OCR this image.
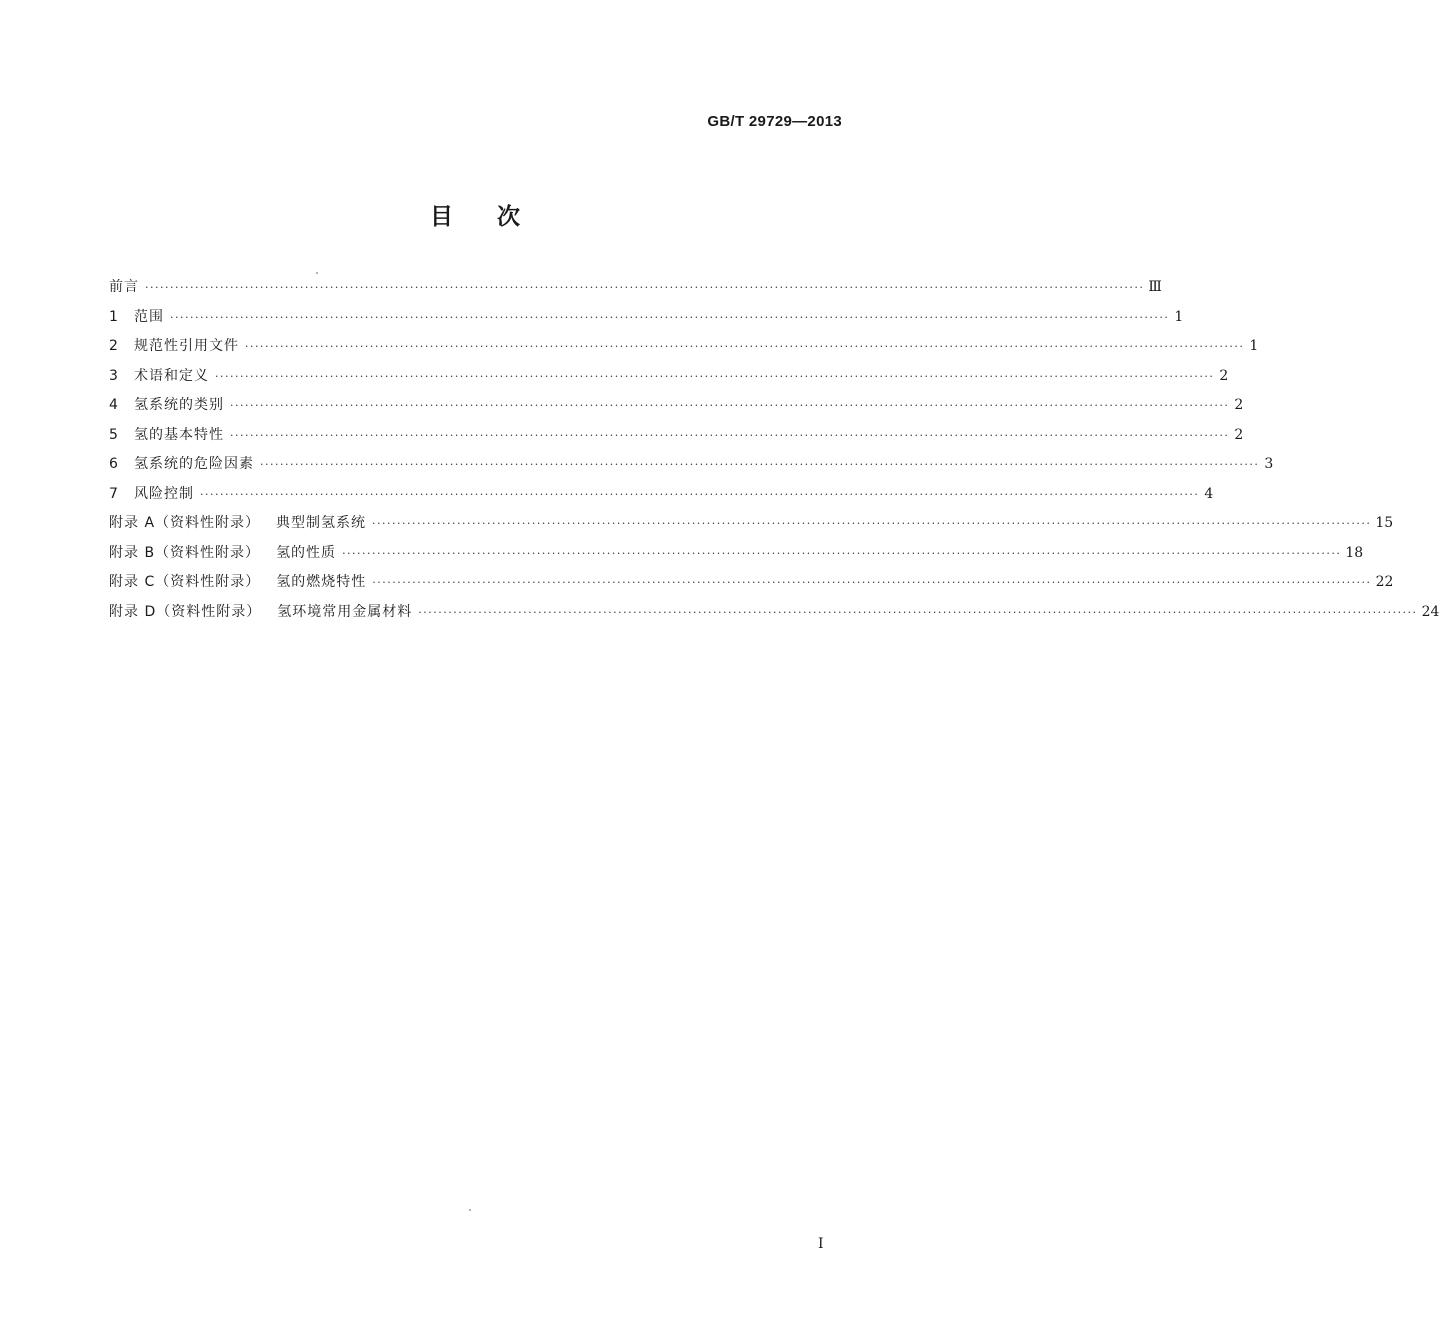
GB/T 29729—2013
目 次
前言 ········································································································································································································ Ⅲ
1	范围 ········································································································································································································ 1
2	规范性引用文件 ········································································································································································································ 1
3	术语和定义 ········································································································································································································ 2
4	氢系统的类别 ········································································································································································································ 2
5	氢的基本特性 ········································································································································································································ 2
6	氢系统的危险因素 ········································································································································································································ 3
7	风险控制 ········································································································································································································ 4
附录 A（资料性附录） 典型制氢系统 ········································································································································································································ 15
附录 B（资料性附录） 氢的性质 ········································································································································································································ 18
附录 C（资料性附录） 氢的燃烧特性 ········································································································································································································ 22
附录 D（资料性附录） 氢环境常用金属材料 ········································································································································································································ 24
I
